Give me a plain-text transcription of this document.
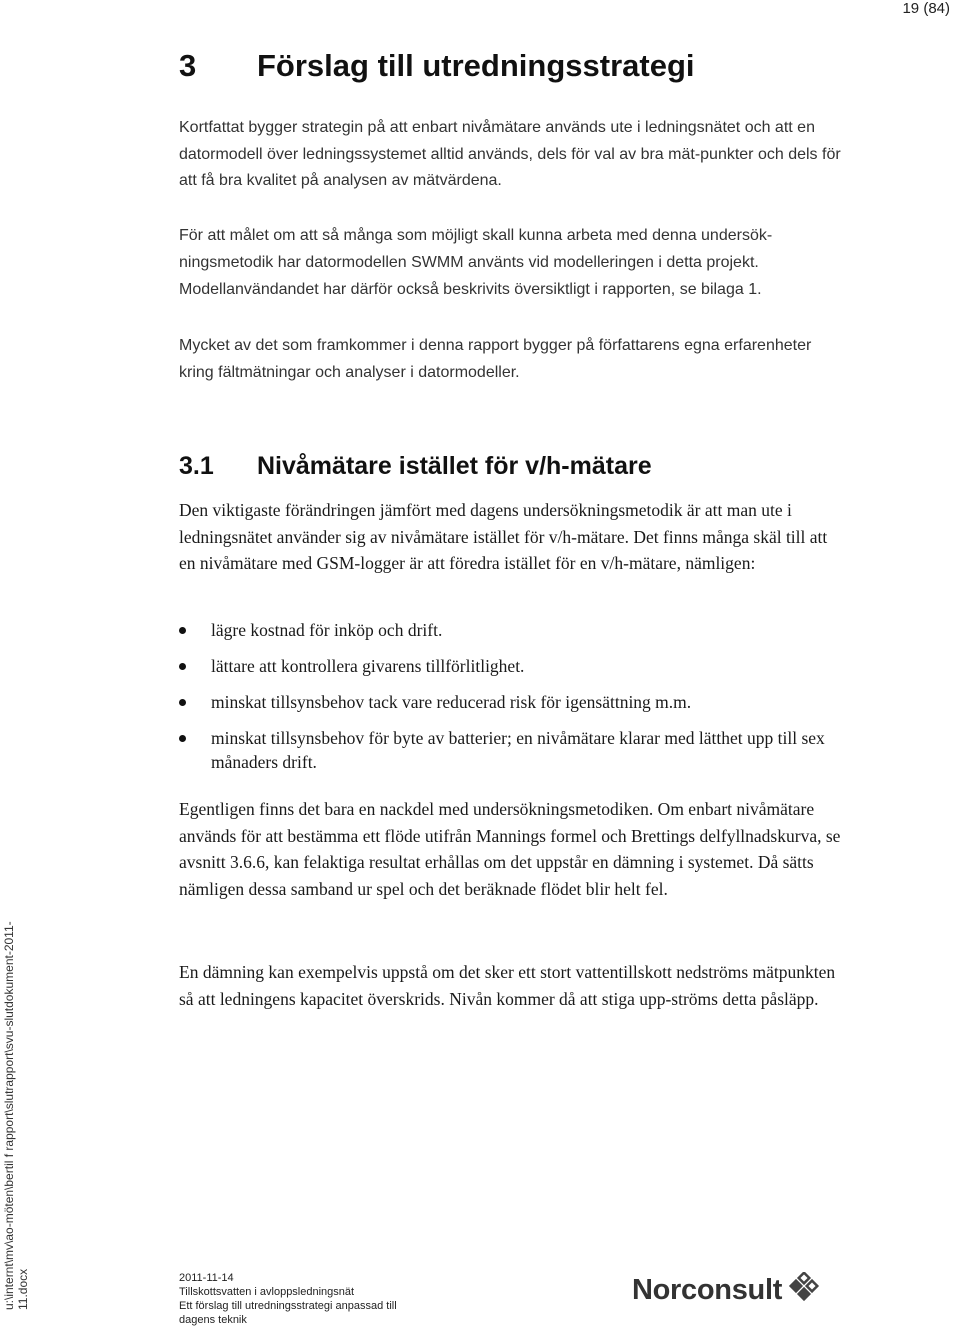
19 (84)
3 Förslag till utredningsstrategi

Kortfattat bygger strategin på att enbart nivåmätare används ute i ledningsnätet och att en datormodell över ledningssystemet alltid används, dels för val av bra mät-punkter och dels för att få bra kvalitet på analysen av mätvärdena.

För att målet om att så många som möjligt skall kunna arbeta med denna undersök-ningsmetodik har datormodellen SWMM använts vid modelleringen i detta projekt.

Modellanvändandet har därför också beskrivits översiktligt i rapporten, se bilaga 1.

Mycket av det som framkommer i denna rapport bygger på författarens egna erfarenheter kring fältmätningar och analyser i datormodeller.

3.1 Nivåmätare istället för v/h-mätare

Den viktigaste förändringen jämfört med dagens undersökningsmetodik är att man ute i ledningsnätet använder sig av nivåmätare istället för v/h-mätare. Det finns många skäl till att en nivåmätare med GSM-logger är att föredra istället för en v/h-mätare, nämligen:

lägre kostnad för inköp och drift.
lättare att kontrollera givarens tillförlitlighet.
minskat tillsynsbehov tack vare reducerad risk för igensättning m.m.
minskat tillsynsbehov för byte av batterier; en nivåmätare klarar med lätthet upp till sex månaders drift.

Egentligen finns det bara en nackdel med undersökningsmetodiken. Om enbart nivåmätare används för att bestämma ett flöde utifrån Mannings formel och Brettings delfyllnadskurva, se avsnitt 3.6.6, kan felaktiga resultat erhållas om det uppstår en dämning i systemet. Då sätts nämligen dessa samband ur spel och det beräknade flödet blir helt fel.

En dämning kan exempelvis uppstå om det sker ett stort vattentillskott nedströms mätpunkten så att ledningens kapacitet överskrids. Nivån kommer då att stiga upp-ströms detta påsläpp.

u:\internt\mv\ao-möten\bertil f rapport\slutrapport\svu-slutdokument-2011- 11.docx	2011-11-14
Tillskottsvatten i avloppsledningsnät
Ett förslag till utredningsstrategi anpassad till
dagens teknik
Norconsult
